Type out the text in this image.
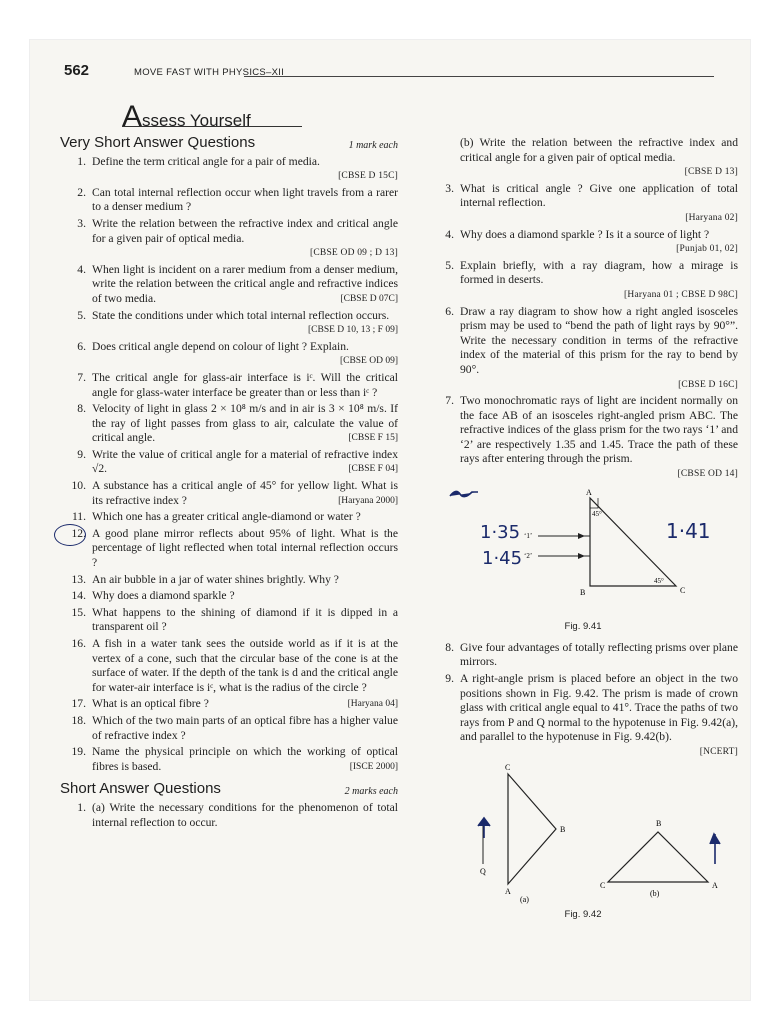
562	MOVE FAST WITH PHYSICS–XII
Assess Yourself
Very Short Answer Questions	1 mark each
1. Define the term critical angle for a pair of media.
[CBSE D 15C]
2. Can total internal reflection occur when light travels from a rarer to a denser medium ?
3. Write the relation between the refractive index and critical angle for a given pair of optical media.
[CBSE OD 09 ; D 13]
4. When light is incident on a rarer medium from a denser medium, write the relation between the critical angle and refractive indices of two media.	[CBSE D 07C]
5. State the conditions under which total internal reflection occurs.
[CBSE D 10, 13 ; F 09]
6. Does critical angle depend on colour of light ? Explain.
[CBSE OD 09]
7. The critical angle for glass-air interface is iᶜ. Will the critical angle for glass-water interface be greater than or less than iᶜ ?
8. Velocity of light in glass 2 × 10⁸ m/s and in air is 3 × 10⁸ m/s. If the ray of light passes from glass to air, calculate the value of critical angle.	[CBSE F 15]
9. Write the value of critical angle for a material of refractive index √2.	[CBSE F 04]
10. A substance has a critical angle of 45° for yellow light. What is its refractive index ?	[Haryana 2000]
11. Which one has a greater critical angle-diamond or water ?
12. A good plane mirror reflects about 95% of light. What is the percentage of light reflected when total internal reflection occurs ?
13. An air bubble in a jar of water shines brightly. Why ?
14. Why does a diamond sparkle ?
15. What happens to the shining of diamond if it is dipped in a transparent oil ?
16. A fish in a water tank sees the outside world as if it is at the vertex of a cone, such that the circular base of the cone is at the surface of water. If the depth of the tank is d and the critical angle for water-air interface is iᶜ, what is the radius of the circle ?
17. What is an optical fibre ?	[Haryana 04]
18. Which of the two main parts of an optical fibre has a higher value of refractive index ?
19. Name the physical principle on which the working of optical fibres is based.	[ISCE 2000]
Short Answer Questions	2 marks each
1. (a) Write the necessary conditions for the phenomenon of total internal reflection to occur.
(b) Write the relation between the refractive index and critical angle for a given pair of optical media.
[CBSE D 13]
3. What is critical angle ? Give one application of total internal reflection.
[Haryana 02]
4. Why does a diamond sparkle ? Is it a source of light ?
[Punjab 01, 02]
5. Explain briefly, with a ray diagram, how a mirage is formed in deserts.
[Haryana 01 ; CBSE D 98C]
6. Draw a ray diagram to show how a right angled isosceles prism may be used to “bend the path of light rays by 90°”. Write the necessary condition in terms of the refractive index of the material of this prism for the ray to bend by 90°.
[CBSE D 16C]
7. Two monochromatic rays of light are incident normally on the face AB of an isosceles right-angled prism ABC. The refractive indices of the glass prism for the two rays ‘1’ and ‘2’ are respectively 1.35 and 1.45. Trace the path of these rays after entering through the prism.
[CBSE OD 14]
A
B	C
45°
45°
‘1’
‘2’
1·35
1·45
1·41
Fig. 9.41
8. Give four advantages of totally reflecting prisms over plane mirrors.
9. A right-angle prism is placed before an object in the two positions shown in Fig. 9.42. The prism is made of crown glass with critical angle equal to 41°. Trace the paths of two rays from P and Q normal to the hypotenuse in Fig. 9.42(a), and parallel to the hypotenuse in Fig. 9.42(b).
[NCERT]
C
B
A
(a)
Q
B
C	A
(b)
Fig. 9.42
